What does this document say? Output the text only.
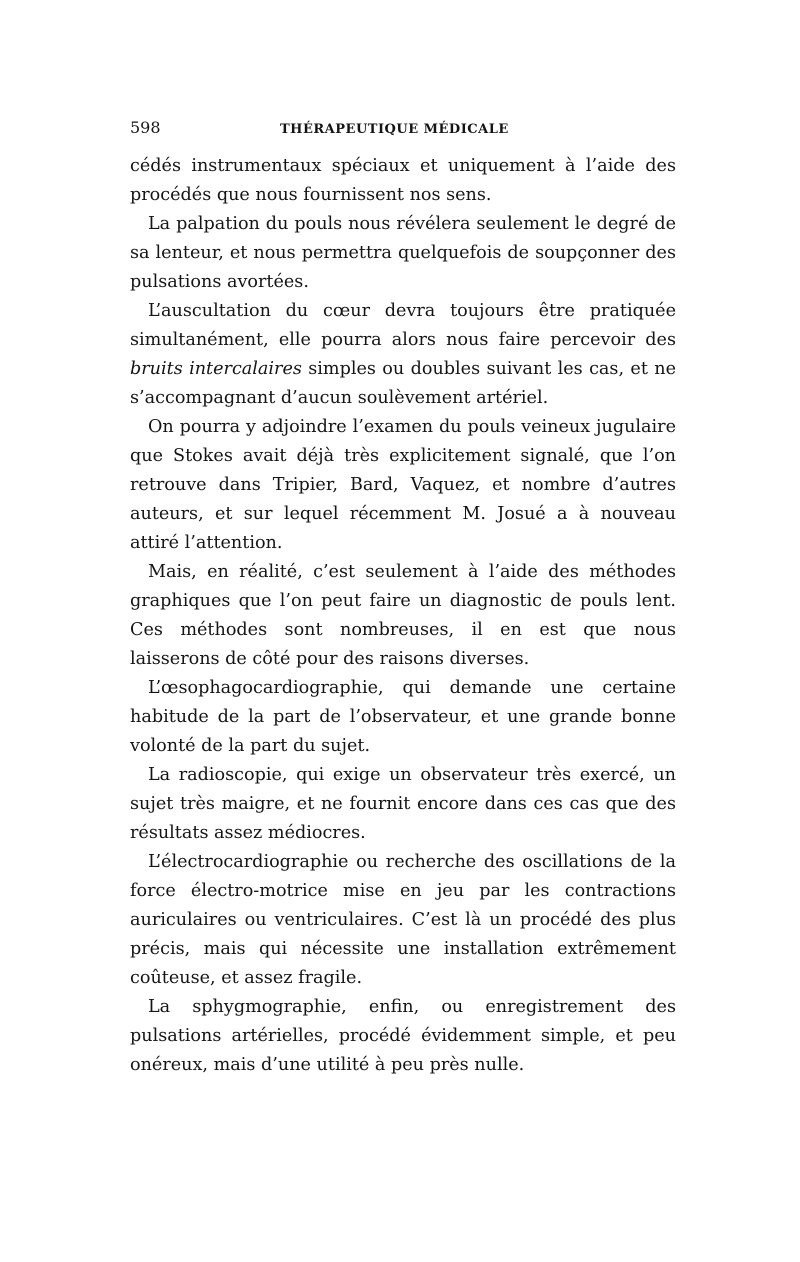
598	THÉRAPEUTIQUE MÉDICALE

cédés instrumentaux spéciaux et uniquement à l’aide des procédés que nous fournissent nos sens.

La palpation du pouls nous révélera seulement le degré de sa lenteur, et nous permettra quelquefois de soupçonner des pulsations avortées.

L’auscultation du cœur devra toujours être pratiquée simultanément, elle pourra alors nous faire percevoir des bruits intercalaires simples ou doubles suivant les cas, et ne s’accompagnant d’aucun soulèvement artériel.

On pourra y adjoindre l’examen du pouls veineux jugulaire que Stokes avait déjà très explicitement signalé, que l’on retrouve dans Tripier, Bard, Vaquez, et nombre d’autres auteurs, et sur lequel récemment M. Josué a à nouveau attiré l’attention.

Mais, en réalité, c’est seulement à l’aide des méthodes graphiques que l’on peut faire un diagnostic de pouls lent. Ces méthodes sont nombreuses, il en est que nous laisserons de côté pour des raisons diverses.

L’œsophagocardiographie, qui demande une certaine habitude de la part de l’observateur, et une grande bonne volonté de la part du sujet.

La radioscopie, qui exige un observateur très exercé, un sujet très maigre, et ne fournit encore dans ces cas que des résultats assez médiocres.

L’électrocardiographie ou recherche des oscillations de la force électro-motrice mise en jeu par les contractions auriculaires ou ventriculaires. C’est là un procédé des plus précis, mais qui nécessite une installation extrêmement coûteuse, et assez fragile.

La sphygmographie, enfin, ou enregistrement des pulsations artérielles, procédé évidemment simple, et peu onéreux, mais d’une utilité à peu près nulle.
